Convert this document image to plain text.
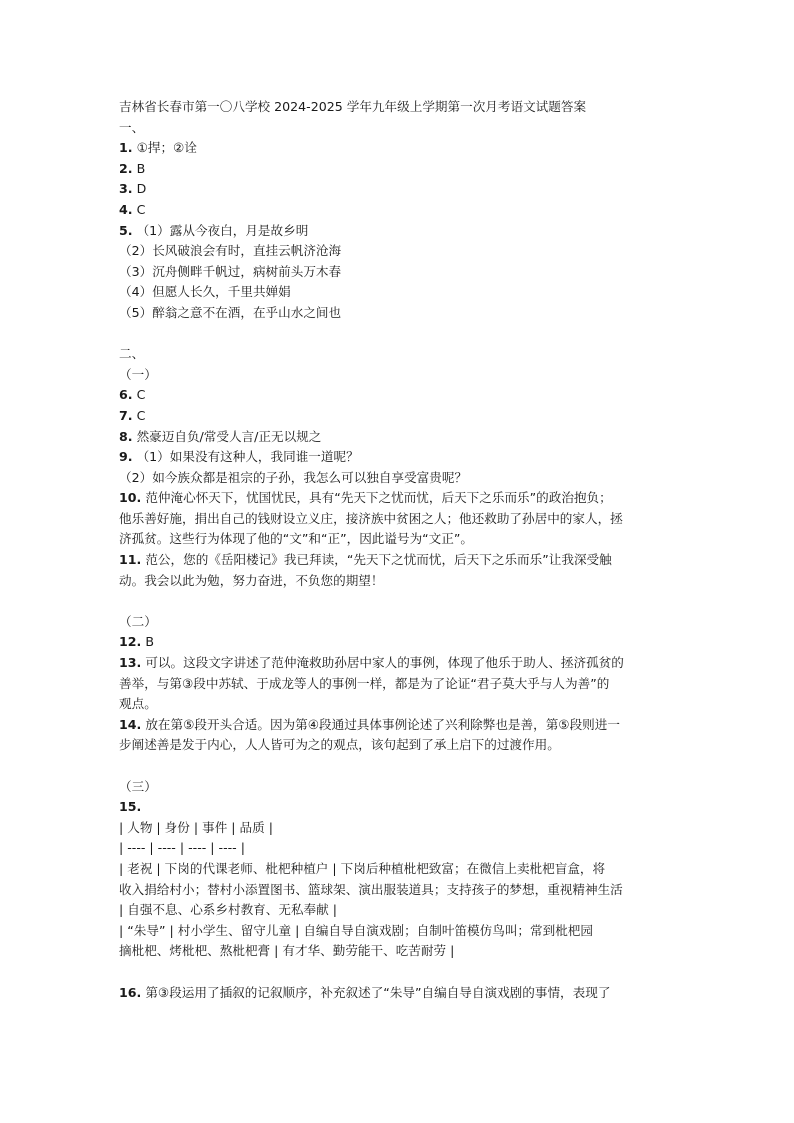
吉林省长春市第一〇八学校 2024-2025 学年九年级上学期第一次月考语文试题答案
一、
1. ①捍；②诠
2. B
3. D
4. C
5. （1）露从今夜白，月是故乡明
（2）长风破浪会有时，直挂云帆济沧海
（3）沉舟侧畔千帆过，病树前头万木春
（4）但愿人长久，千里共婵娟
（5）醉翁之意不在酒，在乎山水之间也
二、
（一）
6. C
7. C
8. 然豪迈自负/常受人言/正无以规之
9. （1）如果没有这种人，我同谁一道呢？
（2）如今族众都是祖宗的子孙，我怎么可以独自享受富贵呢？
10. 范仲淹心怀天下，忧国忧民，具有“先天下之忧而忧，后天下之乐而乐”的政治抱负；
他乐善好施，捐出自己的钱财设立义庄，接济族中贫困之人；他还救助了孙居中的家人，拯
济孤贫。这些行为体现了他的“文”和“正”，因此谥号为“文正”。
11. 范公，您的《岳阳楼记》我已拜读，“先天下之忧而忧，后天下之乐而乐”让我深受触
动。我会以此为勉，努力奋进，不负您的期望！
（二）
12. B
13. 可以。这段文字讲述了范仲淹救助孙居中家人的事例，体现了他乐于助人、拯济孤贫的
善举，与第③段中苏轼、于成龙等人的事例一样，都是为了论证“君子莫大乎与人为善”的
观点。
14. 放在第⑤段开头合适。因为第④段通过具体事例论述了兴利除弊也是善，第⑤段则进一
步阐述善是发于内心，人人皆可为之的观点，该句起到了承上启下的过渡作用。
（三）
15.
| 人物 | 身份 | 事件 | 品质 |
| ---- | ---- | ---- | ---- |
| 老祝 | 下岗的代课老师、枇杷种植户 | 下岗后种植枇杷致富；在微信上卖枇杷盲盒，将
收入捐给村小；替村小添置图书、篮球架、演出服装道具；支持孩子的梦想，重视精神生活
| 自强不息、心系乡村教育、无私奉献 |
| “朱导” | 村小学生、留守儿童 | 自编自导自演戏剧；自制叶笛模仿鸟叫；常到枇杷园
摘枇杷、烤枇杷、熬枇杷膏 | 有才华、勤劳能干、吃苦耐劳 |
16. 第③段运用了插叙的记叙顺序，补充叙述了“朱导”自编自导自演戏剧的事情，表现了
